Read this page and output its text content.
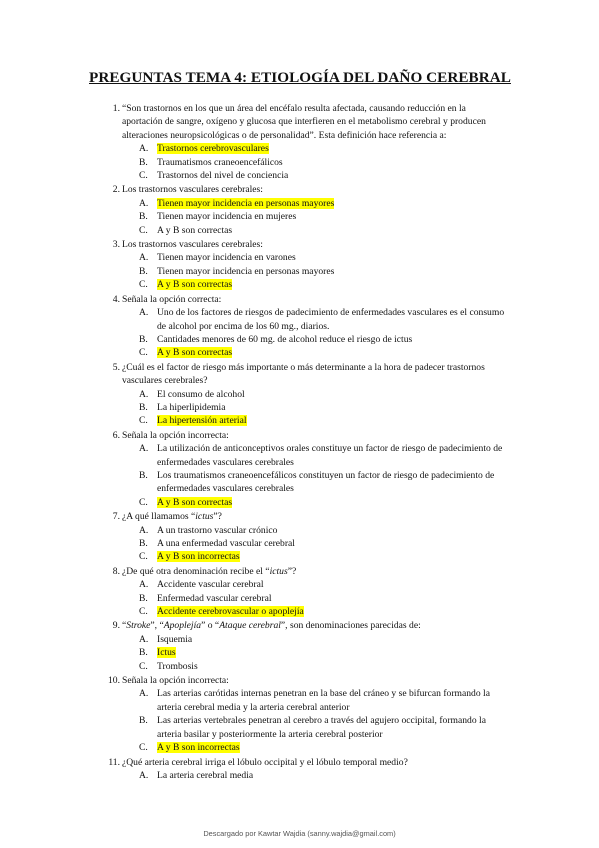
PREGUNTAS TEMA 4: ETIOLOGÍA DEL DAÑO CEREBRAL
1. “Son trastornos en los que un área del encéfalo resulta afectada, causando reducción en la aportación de sangre, oxígeno y glucosa que interfieren en el metabolismo cerebral y producen alteraciones neuropsicológicas o de personalidad”. Esta definición hace referencia a:
A. Trastornos cerebrovasculares
B. Traumatismos craneoencefálicos
C. Trastornos del nivel de conciencia
2. Los trastornos vasculares cerebrales:
A. Tienen mayor incidencia en personas mayores
B. Tienen mayor incidencia en mujeres
C. A y B son correctas
3. Los trastornos vasculares cerebrales:
A. Tienen mayor incidencia en varones
B. Tienen mayor incidencia en personas mayores
C. A y B son correctas
4. Señala la opción correcta:
A. Uno de los factores de riesgos de padecimiento de enfermedades vasculares es el consumo de alcohol por encima de los 60 mg., diarios.
B. Cantidades menores de 60 mg. de alcohol reduce el riesgo de ictus
C. A y B son correctas
5. ¿Cuál es el factor de riesgo más importante o más determinante a la hora de padecer trastornos vasculares cerebrales?
A. El consumo de alcohol
B. La hiperlipidemia
C. La hipertensión arterial
6. Señala la opción incorrecta:
A. La utilización de anticonceptivos orales constituye un factor de riesgo de padecimiento de enfermedades vasculares cerebrales
B. Los traumatismos craneoencefálicos constituyen un factor de riesgo de padecimiento de enfermedades vasculares cerebrales
C. A y B son correctas
7. ¿A qué llamamos “ictus”?
A. A un trastorno vascular crónico
B. A una enfermedad vascular cerebral
C. A y B son incorrectas
8. ¿De qué otra denominación recibe el “ictus”?
A. Accidente vascular cerebral
B. Enfermedad vascular cerebral
C. Accidente cerebrovascular o apoplejía
9. “Stroke”, “Apoplejía” o “Ataque cerebral”, son denominaciones parecidas de:
A. Isquemia
B. Ictus
C. Trombosis
10. Señala la opción incorrecta:
A. Las arterias carótidas internas penetran en la base del cráneo y se bifurcan formando la arteria cerebral media y la arteria cerebral anterior
B. Las arterias vertebrales penetran al cerebro a través del agujero occipital, formando la arteria basilar y posteriormente la arteria cerebral posterior
C. A y B son incorrectas
11. ¿Qué arteria cerebral irriga el lóbulo occipital y el lóbulo temporal medio?
A. La arteria cerebral media
Descargado por Kawtar Wajdia (sanny.wajdia@gmail.com)
